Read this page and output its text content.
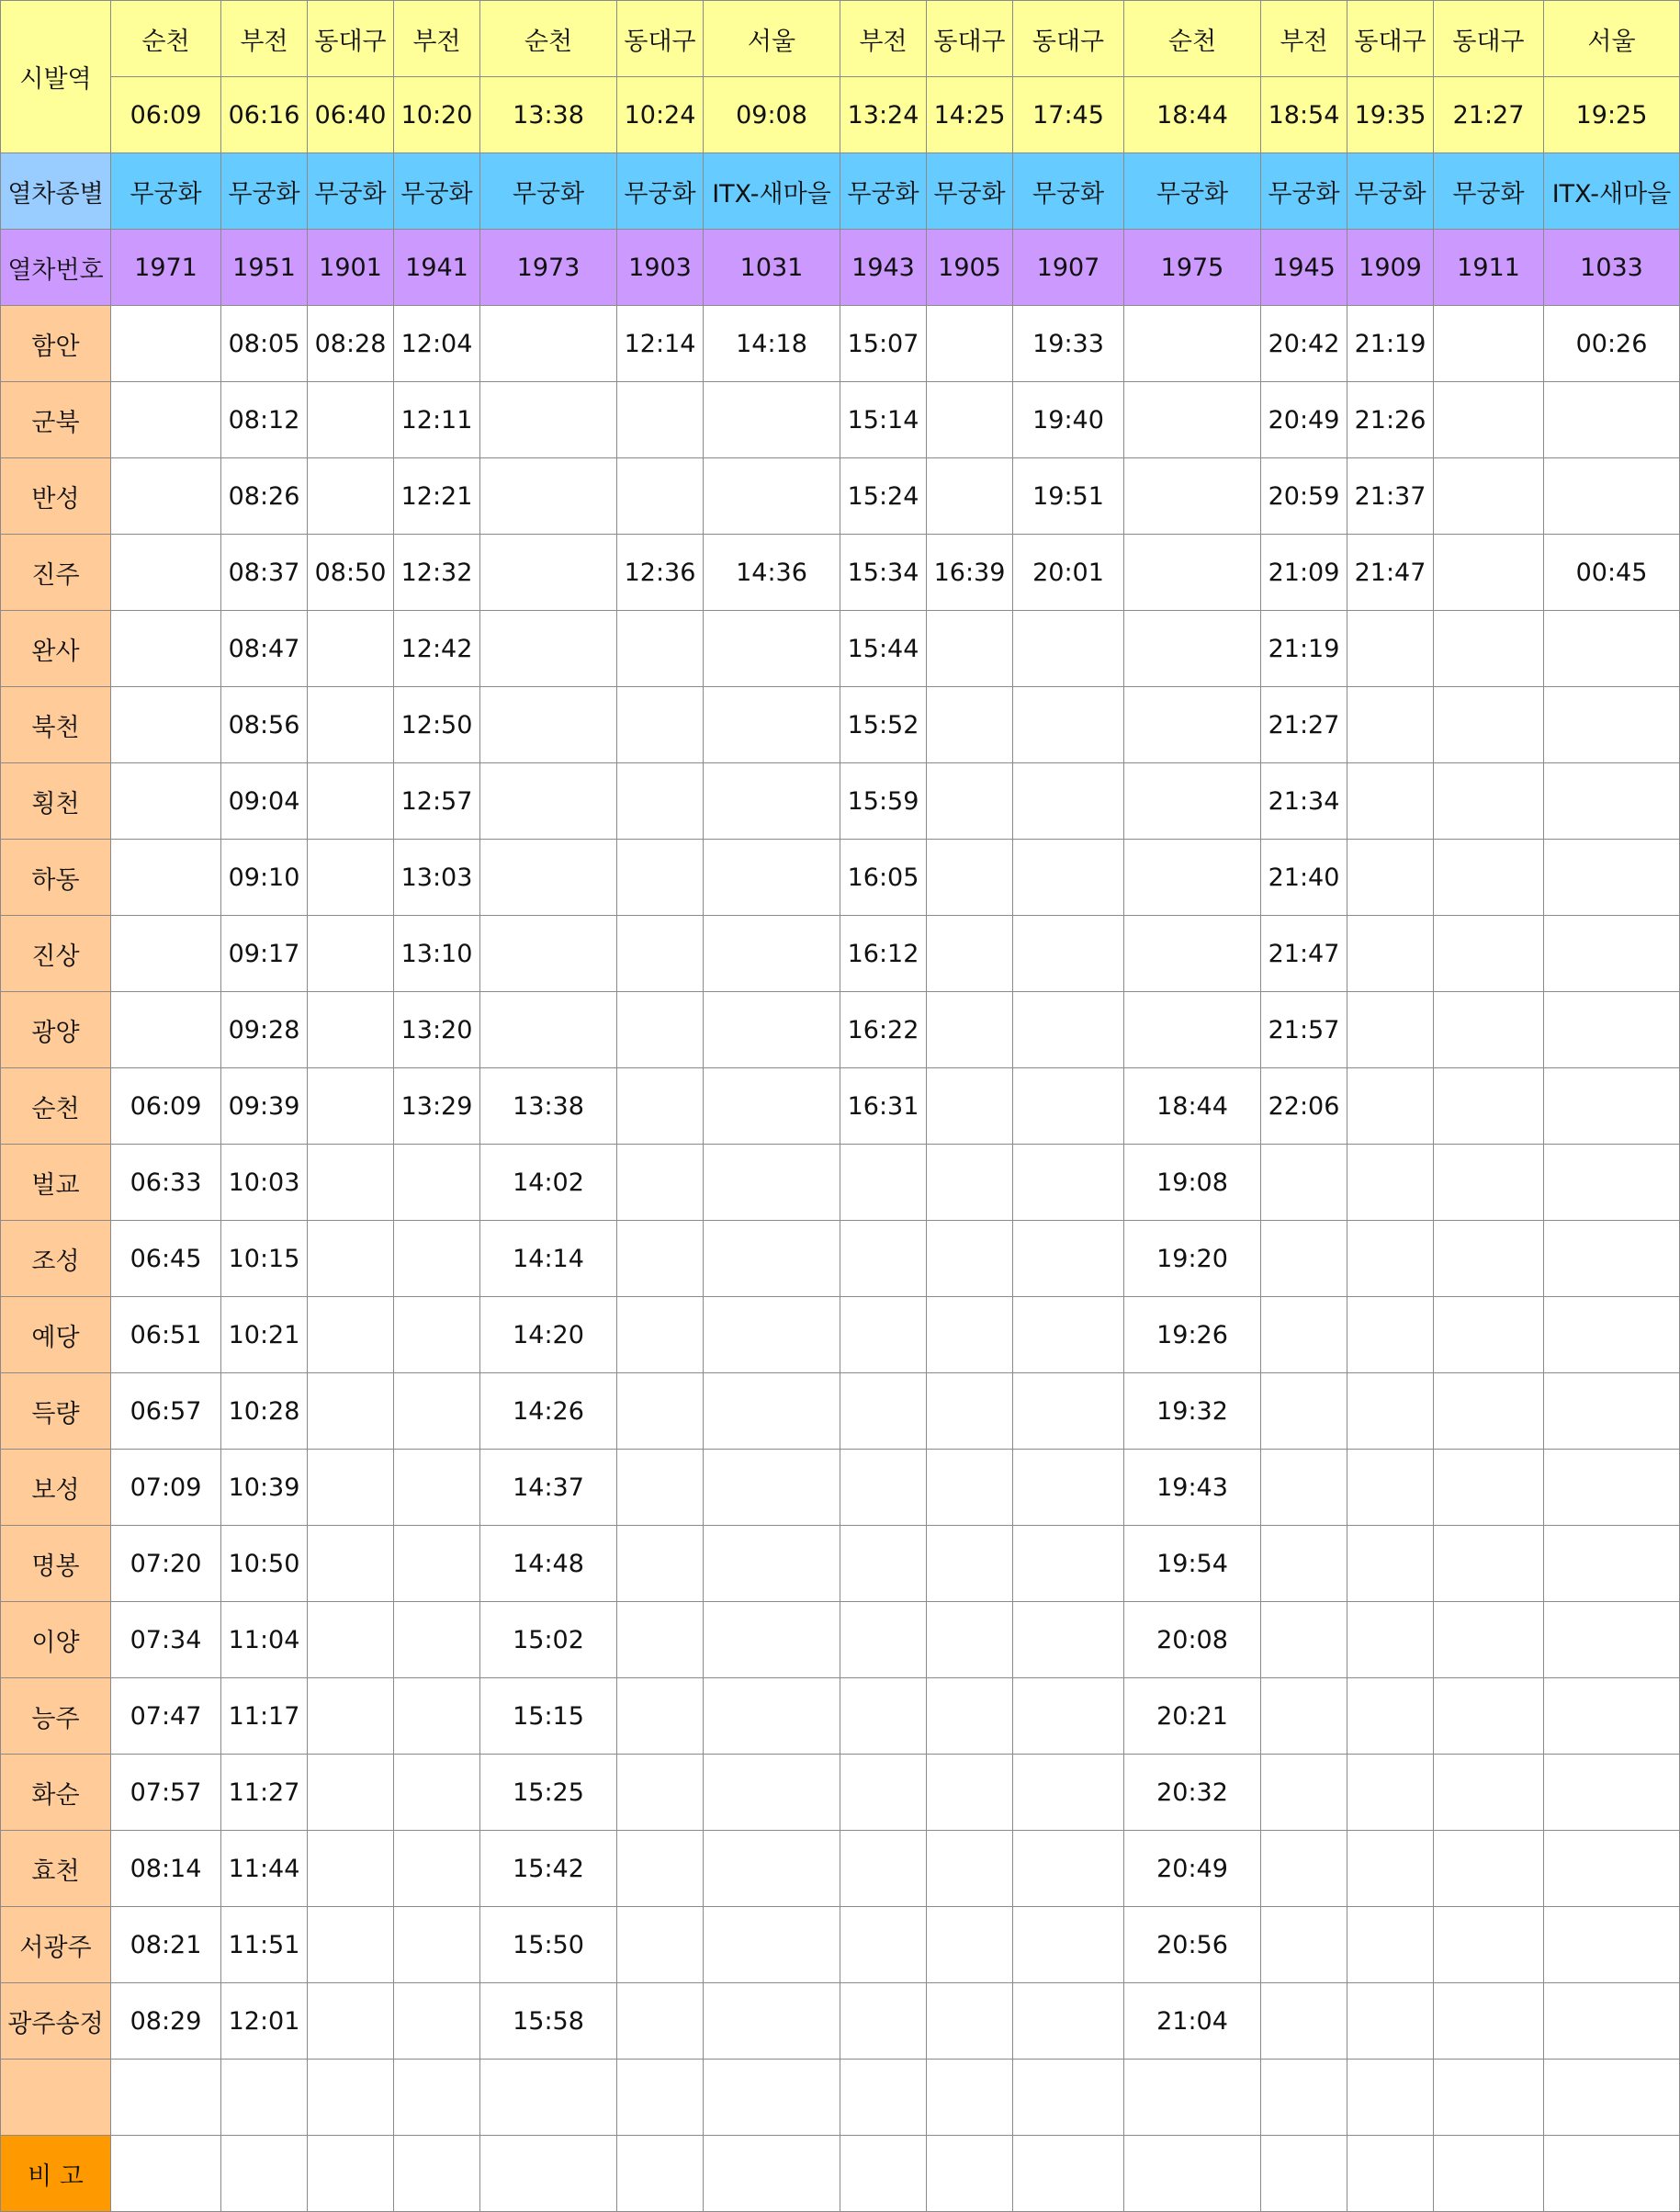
시발역	순천	부전	동대구	부전	순천	동대구	서울	부전	동대구	동대구	순천	부전	동대구	동대구	서울
	06:09	06:16	06:40	10:20	13:38	10:24	09:08	13:24	14:25	17:45	18:44	18:54	19:35	21:27	19:25
열차종별	무궁화	무궁화	무궁화	무궁화	무궁화	무궁화	ITX-새마을	무궁화	무궁화	무궁화	무궁화	무궁화	무궁화	무궁화	ITX-새마을
열차번호	1971	1951	1901	1941	1973	1903	1031	1943	1905	1907	1975	1945	1909	1911	1033
함안		08:05	08:28	12:04		12:14	14:18	15:07		19:33		20:42	21:19		00:26
군북		08:12		12:11				15:14		19:40		20:49	21:26		
반성		08:26		12:21				15:24		19:51		20:59	21:37		
진주		08:37	08:50	12:32		12:36	14:36	15:34	16:39	20:01		21:09	21:47		00:45
완사		08:47		12:42				15:44				21:19			
북천		08:56		12:50				15:52				21:27			
횡천		09:04		12:57				15:59				21:34			
하동		09:10		13:03				16:05				21:40			
진상		09:17		13:10				16:12				21:47			
광양		09:28		13:20				16:22				21:57			
순천	06:09	09:39		13:29	13:38			16:31			18:44	22:06			
벌교	06:33	10:03			14:02						19:08				
조성	06:45	10:15			14:14						19:20				
예당	06:51	10:21			14:20						19:26				
득량	06:57	10:28			14:26						19:32				
보성	07:09	10:39			14:37						19:43				
명봉	07:20	10:50			14:48						19:54				
이양	07:34	11:04			15:02						20:08				
능주	07:47	11:17			15:15						20:21				
화순	07:57	11:27			15:25						20:32				
효천	08:14	11:44			15:42						20:49				
서광주	08:21	11:51			15:50						20:56				
광주송정	08:29	12:01			15:58						21:04				

비 고															
